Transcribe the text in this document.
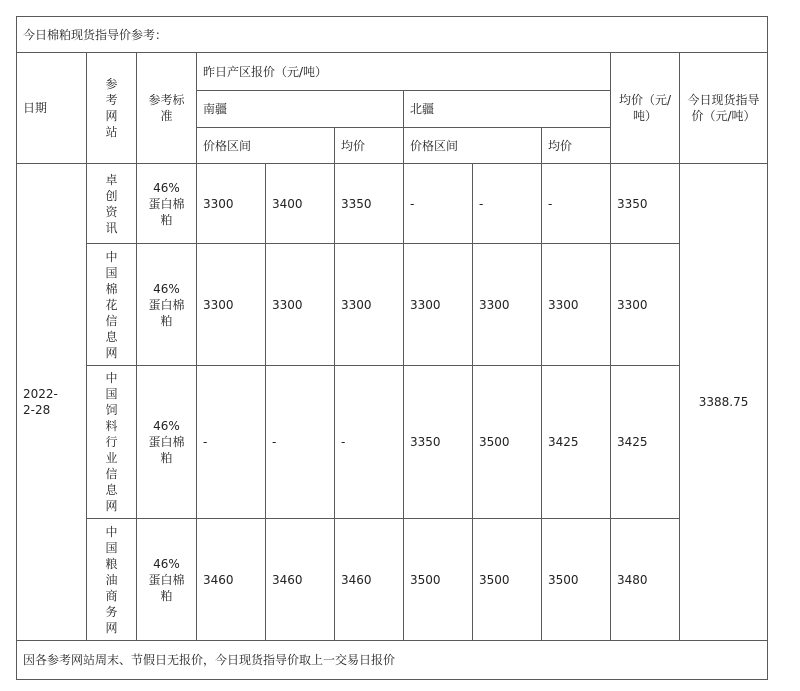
今日棉粕现货指导价参考：										
日期	参考网站	参考标准	昨日产区报价（元/吨）						均价（元/吨）	今日现货指导价（元/吨）
			南疆			北疆				
			价格区间		均价	价格区间		均价		
2022-2-28	卓创资讯	46%蛋白棉粕	3300	3400	3350	-	-	-	3350	3388.75
	中国棉花信息网	46%蛋白棉粕	3300	3300	3300	3300	3300	3300	3300	
	中国饲料行业信息网	46%蛋白棉粕	-	-	-	3350	3500	3425	3425	
	中国粮油商务网	46%蛋白棉粕	3460	3460	3460	3500	3500	3500	3480	
因各参考网站周末、节假日无报价，今日现货指导价取上一交易日报价										
